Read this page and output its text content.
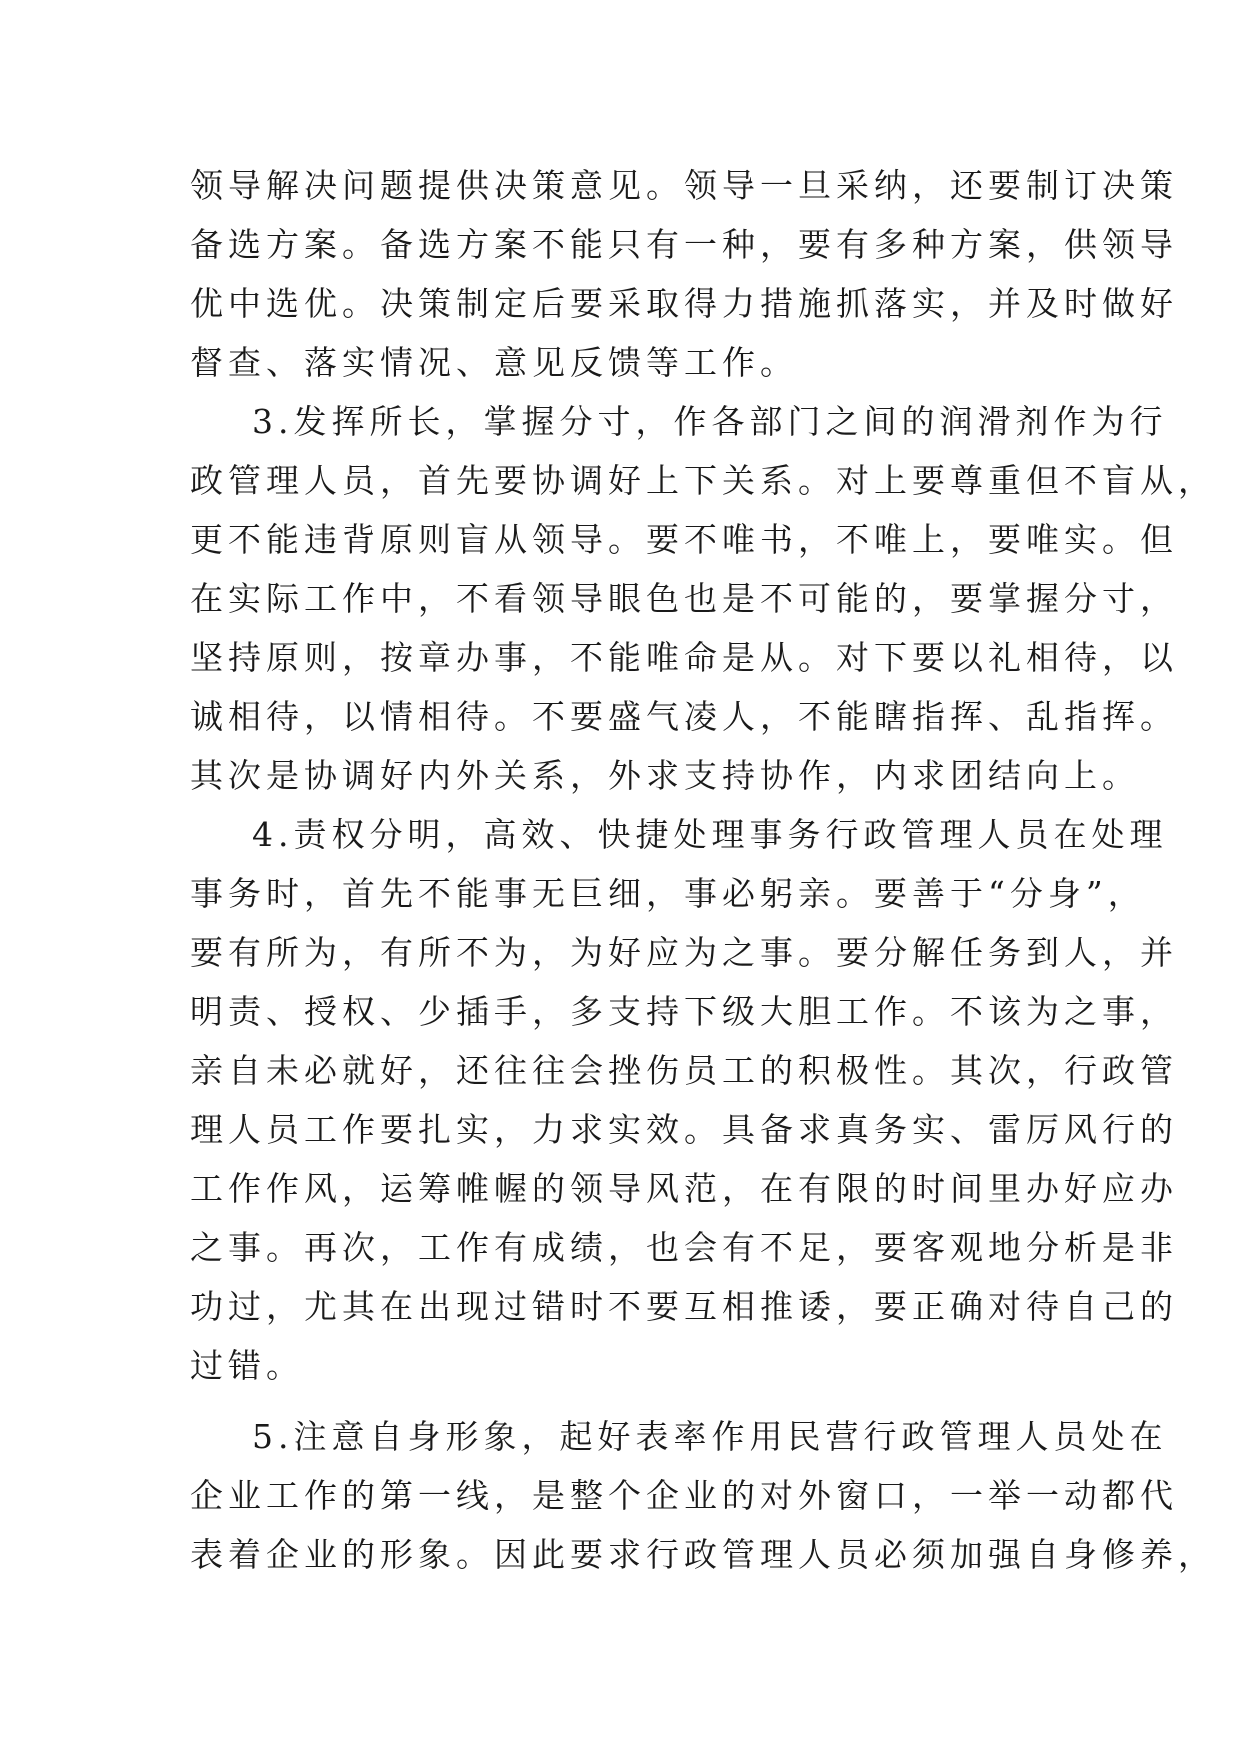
领导解决问题提供决策意见。领导一旦采纳，还要制订决策
备选方案。备选方案不能只有一种，要有多种方案，供领导
优中选优。决策制定后要采取得力措施抓落实，并及时做好
督查、落实情况、意见反馈等工作。
3.发挥所长，掌握分寸，作各部门之间的润滑剂作为行
政管理人员，首先要协调好上下关系。对上要尊重但不盲从，
更不能违背原则盲从领导。要不唯书，不唯上，要唯实。但
在实际工作中，不看领导眼色也是不可能的，要掌握分寸，
坚持原则，按章办事，不能唯命是从。对下要以礼相待，以
诚相待，以情相待。不要盛气凌人，不能瞎指挥、乱指挥。
其次是协调好内外关系，外求支持协作，内求团结向上。
4.责权分明，高效、快捷处理事务行政管理人员在处理
事务时，首先不能事无巨细，事必躬亲。要善于“分身”，
要有所为，有所不为，为好应为之事。要分解任务到人，并
明责、授权、少插手，多支持下级大胆工作。不该为之事，
亲自未必就好，还往往会挫伤员工的积极性。其次，行政管
理人员工作要扎实，力求实效。具备求真务实、雷厉风行的
工作作风，运筹帷幄的领导风范，在有限的时间里办好应办
之事。再次，工作有成绩，也会有不足，要客观地分析是非
功过，尤其在出现过错时不要互相推诿，要正确对待自己的
过错。
5.注意自身形象，起好表率作用民营行政管理人员处在
企业工作的第一线，是整个企业的对外窗口，一举一动都代
表着企业的形象。因此要求行政管理人员必须加强自身修养，
